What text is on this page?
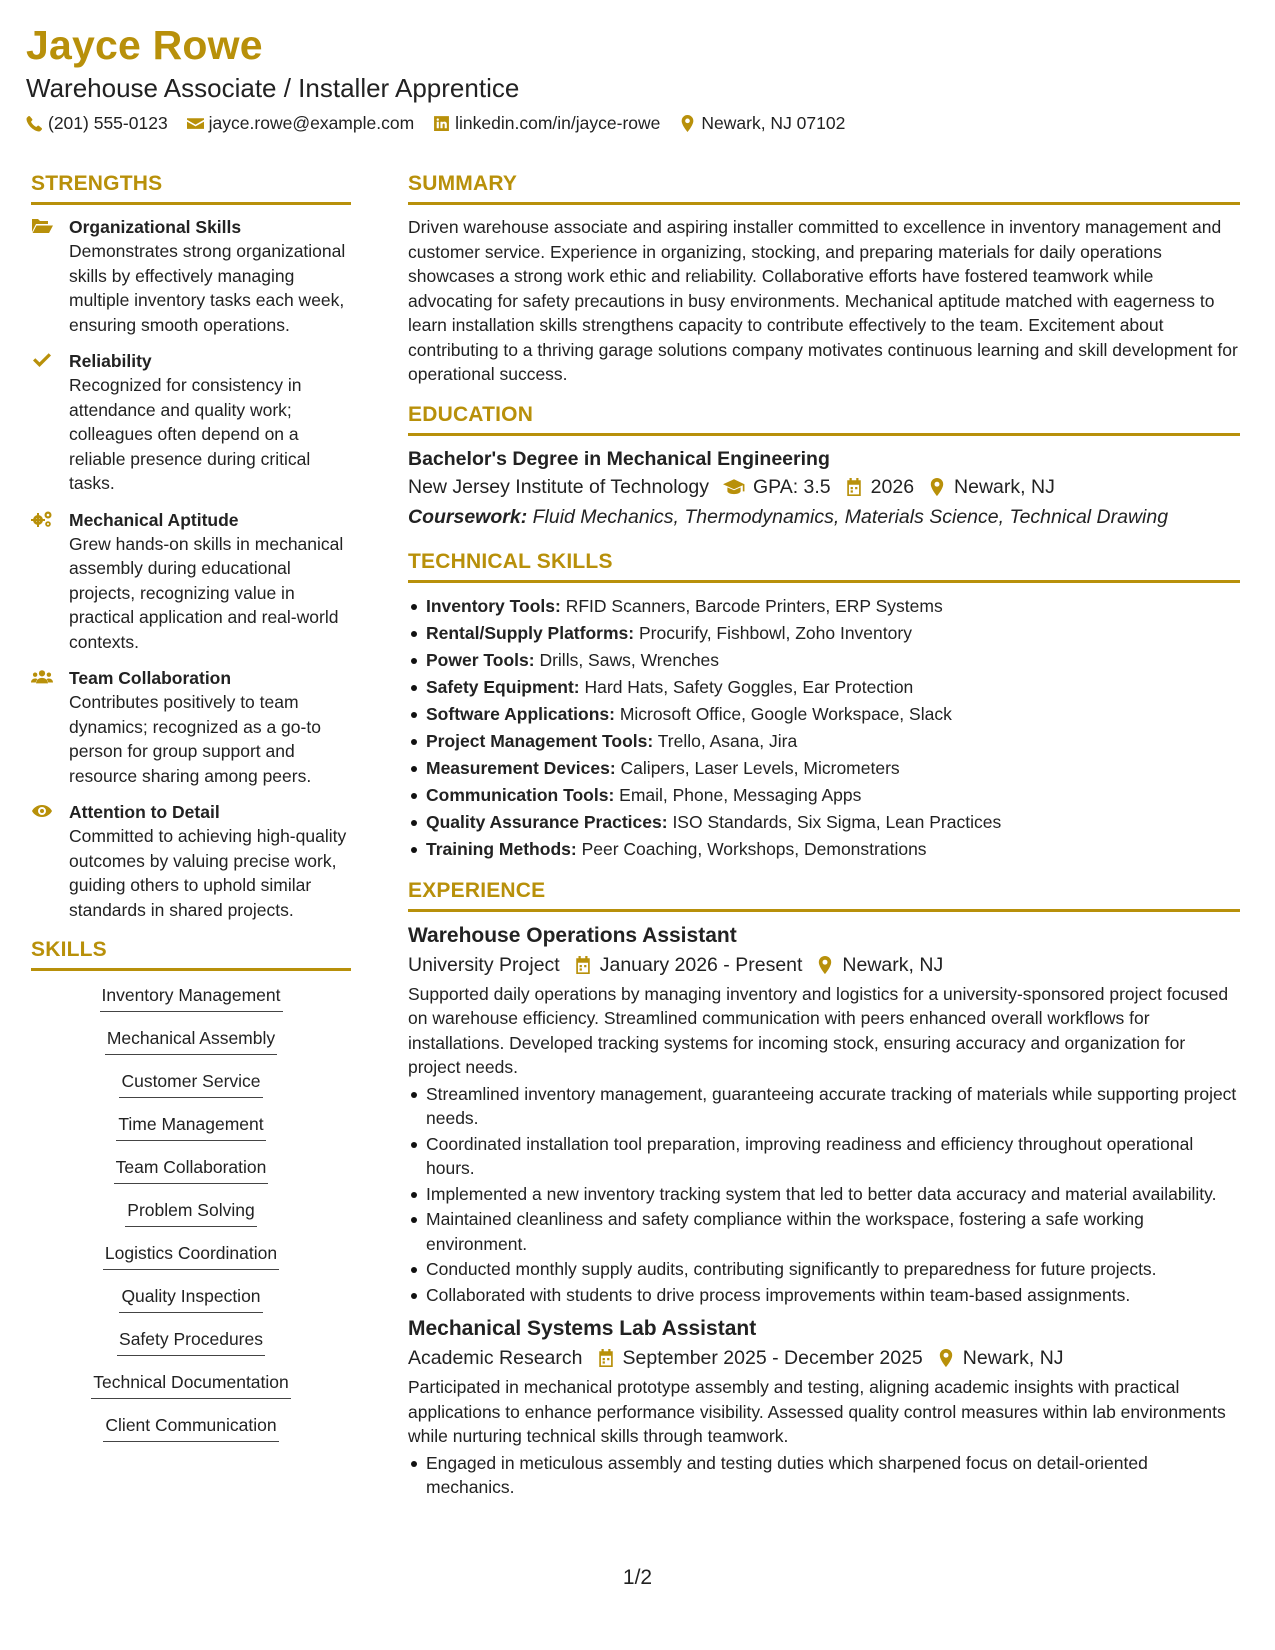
Jayce Rowe
Warehouse Associate / Installer Apprentice
(201) 555-0123 jayce.rowe@example.com linkedin.com/in/jayce-rowe Newark, NJ 07102
STRENGTHS
Organizational Skills
Demonstrates strong organizational skills by effectively managing multiple inventory tasks each week, ensuring smooth operations.
Reliability
Recognized for consistency in attendance and quality work; colleagues often depend on a reliable presence during critical tasks.
Mechanical Aptitude
Grew hands-on skills in mechanical assembly during educational projects, recognizing value in practical application and real-world contexts.
Team Collaboration
Contributes positively to team dynamics; recognized as a go-to person for group support and resource sharing among peers.
Attention to Detail
Committed to achieving high-quality outcomes by valuing precise work, guiding others to uphold similar standards in shared projects.
SKILLS
Inventory Management
Mechanical Assembly
Customer Service
Time Management
Team Collaboration
Problem Solving
Logistics Coordination
Quality Inspection
Safety Procedures
Technical Documentation
Client Communication
SUMMARY
Driven warehouse associate and aspiring installer committed to excellence in inventory management and customer service. Experience in organizing, stocking, and preparing materials for daily operations showcases a strong work ethic and reliability. Collaborative efforts have fostered teamwork while advocating for safety precautions in busy environments. Mechanical aptitude matched with eagerness to learn installation skills strengthens capacity to contribute effectively to the team. Excitement about contributing to a thriving garage solutions company motivates continuous learning and skill development for operational success.
EDUCATION
Bachelor's Degree in Mechanical Engineering
New Jersey Institute of Technology GPA: 3.5 2026 Newark, NJ
Coursework: Fluid Mechanics, Thermodynamics, Materials Science, Technical Drawing
TECHNICAL SKILLS
Inventory Tools: RFID Scanners, Barcode Printers, ERP Systems
Rental/Supply Platforms: Procurify, Fishbowl, Zoho Inventory
Power Tools: Drills, Saws, Wrenches
Safety Equipment: Hard Hats, Safety Goggles, Ear Protection
Software Applications: Microsoft Office, Google Workspace, Slack
Project Management Tools: Trello, Asana, Jira
Measurement Devices: Calipers, Laser Levels, Micrometers
Communication Tools: Email, Phone, Messaging Apps
Quality Assurance Practices: ISO Standards, Six Sigma, Lean Practices
Training Methods: Peer Coaching, Workshops, Demonstrations
EXPERIENCE
Warehouse Operations Assistant
University Project January 2026 - Present Newark, NJ
Supported daily operations by managing inventory and logistics for a university-sponsored project focused on warehouse efficiency. Streamlined communication with peers enhanced overall workflows for installations. Developed tracking systems for incoming stock, ensuring accuracy and organization for project needs.
Streamlined inventory management, guaranteeing accurate tracking of materials while supporting project needs.
Coordinated installation tool preparation, improving readiness and efficiency throughout operational hours.
Implemented a new inventory tracking system that led to better data accuracy and material availability.
Maintained cleanliness and safety compliance within the workspace, fostering a safe working environment.
Conducted monthly supply audits, contributing significantly to preparedness for future projects.
Collaborated with students to drive process improvements within team-based assignments.
Mechanical Systems Lab Assistant
Academic Research September 2025 - December 2025 Newark, NJ
Participated in mechanical prototype assembly and testing, aligning academic insights with practical applications to enhance performance visibility. Assessed quality control measures within lab environments while nurturing technical skills through teamwork.
Engaged in meticulous assembly and testing duties which sharpened focus on detail-oriented mechanics.
1/2
